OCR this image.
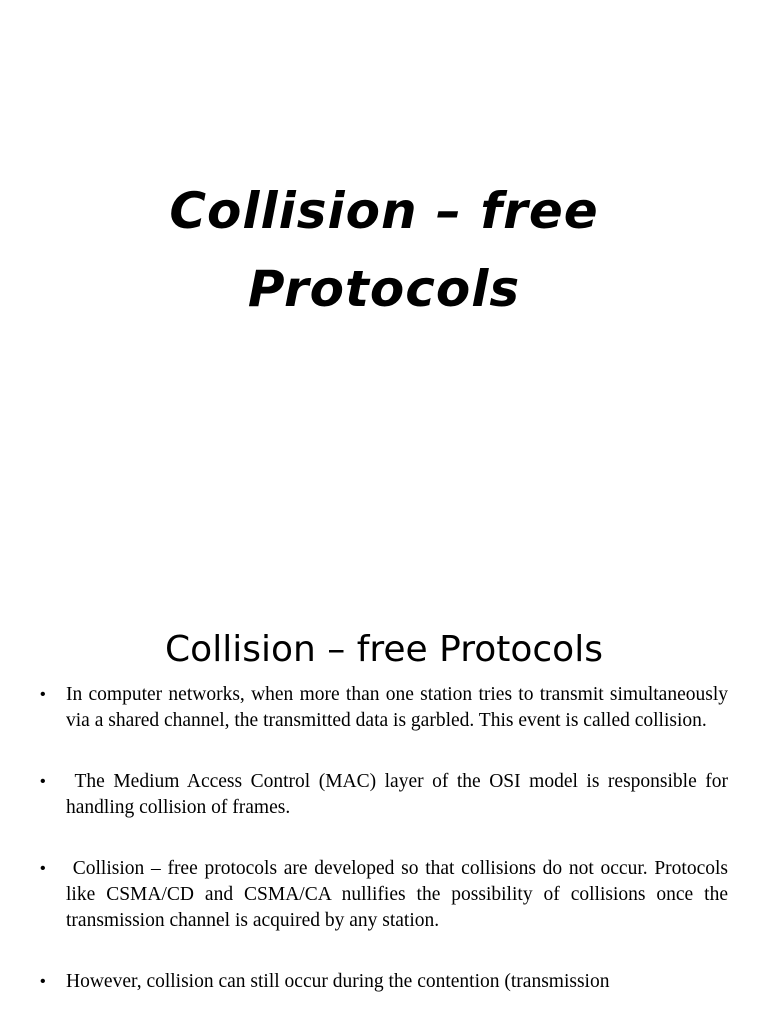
Collision – free
Protocols
Collision – free Protocols
• In computer networks, when more than one station tries to transmit simultaneously via a shared channel, the transmitted data is garbled. This event is called collision.
• The Medium Access Control (MAC) layer of the OSI model is responsible for handling collision of frames.
• Collision – free protocols are developed so that collisions do not occur. Protocols like CSMA/CD and CSMA/CA nullifies the possibility of collisions once the transmission channel is acquired by any station.
• However, collision can still occur during the contention (transmission
